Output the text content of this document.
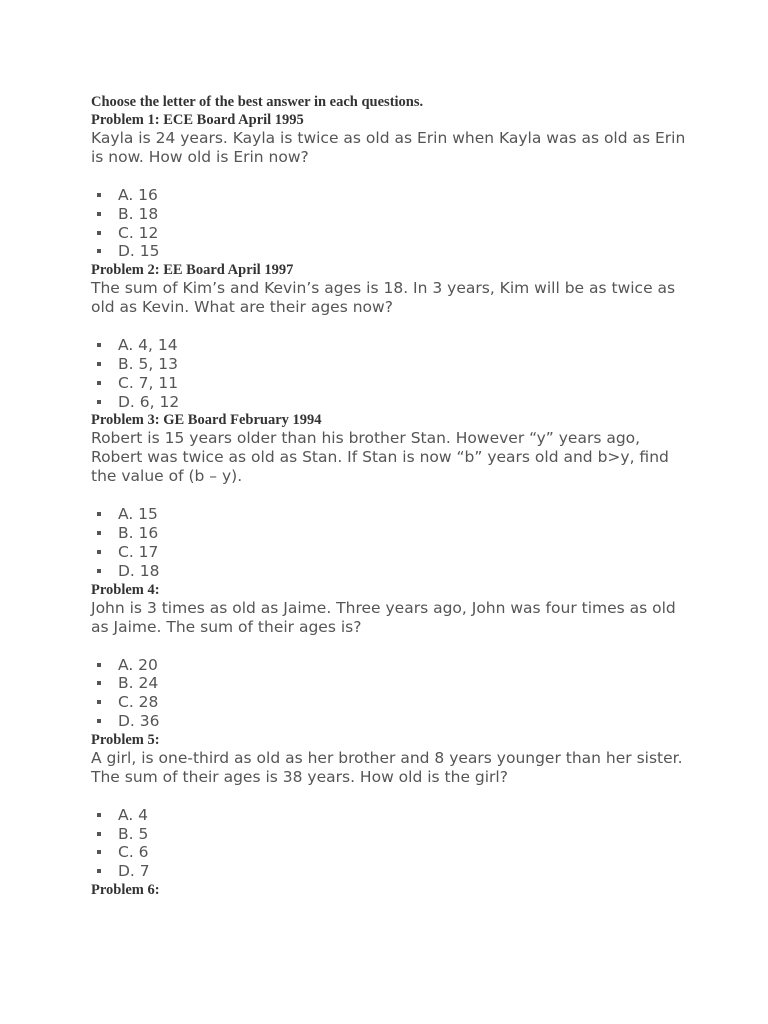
Choose the letter of the best answer in each questions.

Problem 1: ECE Board April 1995

Kayla is 24 years. Kayla is twice as old as Erin when Kayla was as old as Erin is now. How old is Erin now?

A. 16
B. 18
C. 12
D. 15

Problem 2: EE Board April 1997

The sum of Kim’s and Kevin’s ages is 18. In 3 years, Kim will be as twice as old as Kevin. What are their ages now?

A. 4, 14
B. 5, 13
C. 7, 11
D. 6, 12

Problem 3: GE Board February 1994

Robert is 15 years older than his brother Stan. However “y” years ago, Robert was twice as old as Stan. If Stan is now “b” years old and b>y, find the value of (b – y).

A. 15
B. 16
C. 17
D. 18

Problem 4:

John is 3 times as old as Jaime. Three years ago, John was four times as old as Jaime. The sum of their ages is?

A. 20
B. 24
C. 28
D. 36

Problem 5:

A girl, is one-third as old as her brother and 8 years younger than her sister. The sum of their ages is 38 years. How old is the girl?

A. 4
B. 5
C. 6
D. 7

Problem 6:
